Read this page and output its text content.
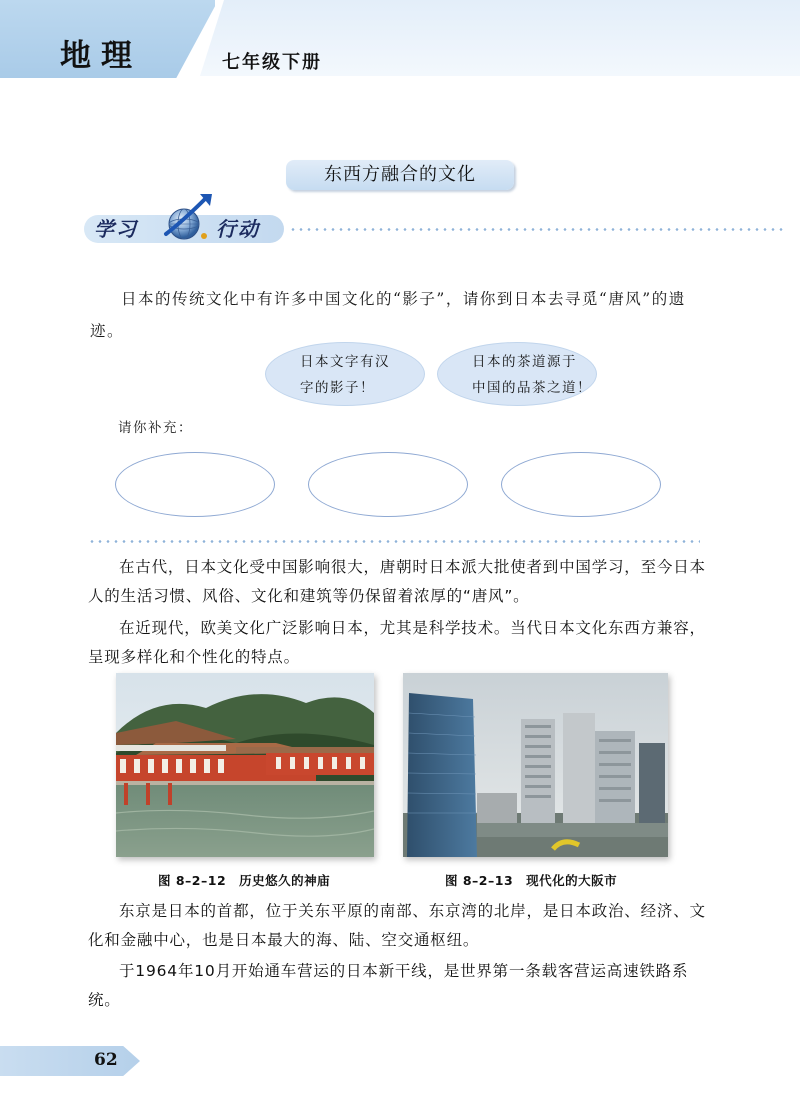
地理	七年级下册
东西方融合的文化
学习	行动

日本的传统文化中有许多中国文化的“影子”，请你到日本去寻觅“唐风”的遗迹。

日本文字有汉
字的影子！
日本的茶道源于
中国的品茶之道！
请你补充：

在古代，日本文化受中国影响很大，唐朝时日本派大批使者到中国学习，至今日本人的生活习惯、风俗、文化和建筑等仍保留着浓厚的“唐风”。

在近现代，欧美文化广泛影响日本，尤其是科学技术。当代日本文化东西方兼容，呈现多样化和个性化的特点。

图 8–2–12　历史悠久的神庙	图 8–2–13　现代化的大阪市

东京是日本的首都，位于关东平原的南部、东京湾的北岸，是日本政治、经济、文化和金融中心，也是日本最大的海、陆、空交通枢纽。

于1964年10月开始通车营运的日本新干线，是世界第一条载客营运高速铁路系统。

62
